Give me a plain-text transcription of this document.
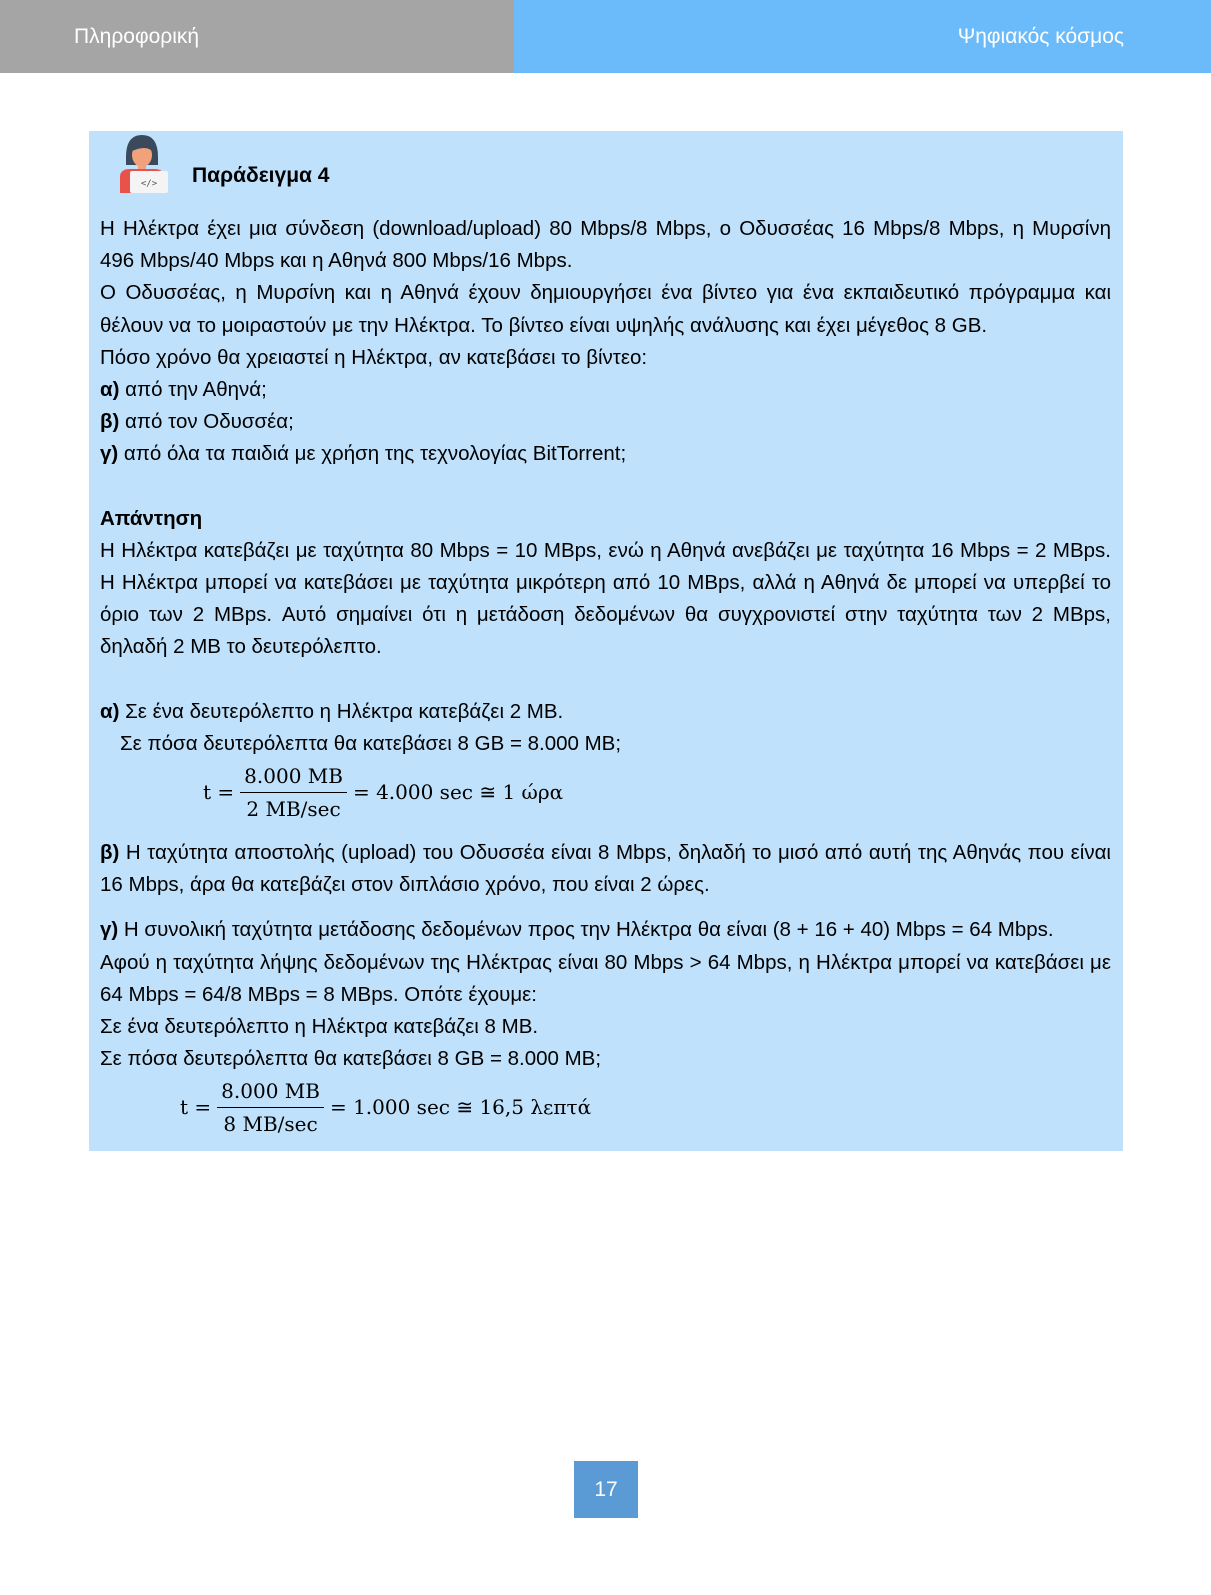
Πληροφορική	Ψηφιακός κόσμος
</> Παράδειγμα 4

Η Ηλέκτρα έχει μια σύνδεση (download/upload) 80 Mbps/8 Mbps, ο Οδυσσέας 16 Mbps/8 Mbps, η Μυρσίνη 496 Mbps/40 Mbps και η Αθηνά 800 Mbps/16 Mbps.

Ο Οδυσσέας, η Μυρσίνη και η Αθηνά έχουν δημιουργήσει ένα βίντεο για ένα εκπαιδευτικό πρόγραμμα και θέλουν να το μοιραστούν με την Ηλέκτρα. Το βίντεο είναι υψηλής ανάλυσης και έχει μέγεθος 8 GB.

Πόσο χρόνο θα χρειαστεί η Ηλέκτρα, αν κατεβάσει το βίντεο:

α) από την Αθηνά;

β) από τον Οδυσσέα;

γ) από όλα τα παιδιά με χρήση της τεχνολογίας BitTorrent;

Απάντηση

Η Ηλέκτρα κατεβάζει με ταχύτητα 80 Mbps = 10 MBps, ενώ η Αθηνά ανεβάζει με ταχύτητα 16 Mbps = 2 MBps. Η Ηλέκτρα μπορεί να κατεβάσει με ταχύτητα μικρότερη από 10 MBps, αλλά η Αθηνά δε μπορεί να υπερβεί το όριο των 2 MBps. Αυτό σημαίνει ότι η μετάδοση δεδομένων θα συγχρονιστεί στην ταχύτητα των 2 MBps, δηλαδή 2 MB το δευτερόλεπτο.

α) Σε ένα δευτερόλεπτο η Ηλέκτρα κατεβάζει 2 MB.

Σε πόσα δευτερόλεπτα θα κατεβάσει 8 GB = 8.000 MB;

$t = \frac{8.000 MB}{2 MB/\sec} = 4.000$ sec ≅ 1 ώρα

β) Η ταχύτητα αποστολής (upload) του Οδυσσέα είναι 8 Mbps, δηλαδή το μισό από αυτή της Αθηνάς που είναι 16 Mbps, άρα θα κατεβάζει στον διπλάσιο χρόνο, που είναι 2 ώρες.

γ) Η συνολική ταχύτητα μετάδοσης δεδομένων προς την Ηλέκτρα θα είναι (8 + 16 + 40) Mbps = 64 Mbps.

Αφού η ταχύτητα λήψης δεδομένων της Ηλέκτρας είναι 80 Mbps > 64 Mbps, η Ηλέκτρα μπορεί να κατεβάσει με 64 Mbps = 64/8 MBps = 8 MBps. Οπότε έχουμε:

Σε ένα δευτερόλεπτο η Ηλέκτρα κατεβάζει 8 MB.

Σε πόσα δευτερόλεπτα θα κατεβάσει 8 GB = 8.000 MB;

$t = \frac{8.000 MB}{8 MB/\sec} = 1.000$ sec ≅ 16,5 λεπτά
17
